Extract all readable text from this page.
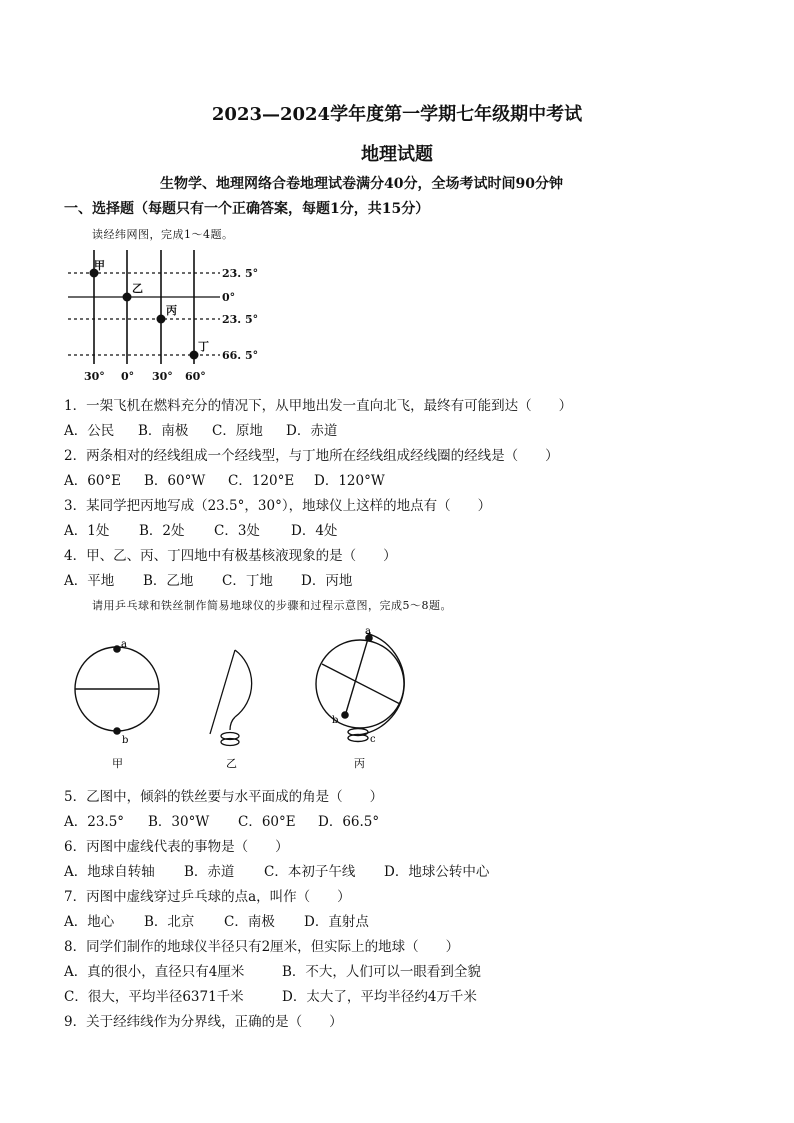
2023—2024学年度第一学期七年级期中考试
地理试题
生物学、地理网络合卷地理试卷满分40分，全场考试时间90分钟
一、选择题（每题只有一个正确答案，每题1分，共15分）
读经纬网图，完成1～4题。
甲
乙
丙
丁
23. 5°
0°
23. 5°
66. 5°
30° 0° 30° 60°
1．一架飞机在燃料充分的情况下，从甲地出发一直向北飞，最终有可能到达（　　）
A．公民 B．南极 C．原地 D．赤道
2．两条相对的经线组成一个经线型，与丁地所在经线组成经线圈的经线是（　　）
A．60°E B．60°W C．120°E D．120°W
3．某同学把丙地写成（23.5°，30°），地球仪上这样的地点有（　　）
A．1处 B．2处 C．3处 D．4处
4．甲、乙、丙、丁四地中有极基核液现象的是（　　）
A．平地 B．乙地 C．丁地 D．丙地
请用乒乓球和铁丝制作简易地球仪的步骤和过程示意图，完成5～8题。
a
b
甲	乙
a
b
c
丙
5．乙图中，倾斜的铁丝要与水平面成的角是（　　）
A．23.5° B．30°W C．60°E D．66.5°
6．丙图中虚线代表的事物是（　　）
A．地球自转轴 B．赤道 C．本初子午线 D．地球公转中心
7．丙图中虚线穿过乒乓球的点a，叫作（　　）
A．地心 B．北京 C．南极 D．直射点
8．同学们制作的地球仪半径只有2厘米，但实际上的地球（　　）
A．真的很小，直径只有4厘米	B．不大，人们可以一眼看到全貌
C．很大，平均半径6371千米	D．太大了，平均半径约4万千米
9．关于经纬线作为分界线，正确的是（　　）
